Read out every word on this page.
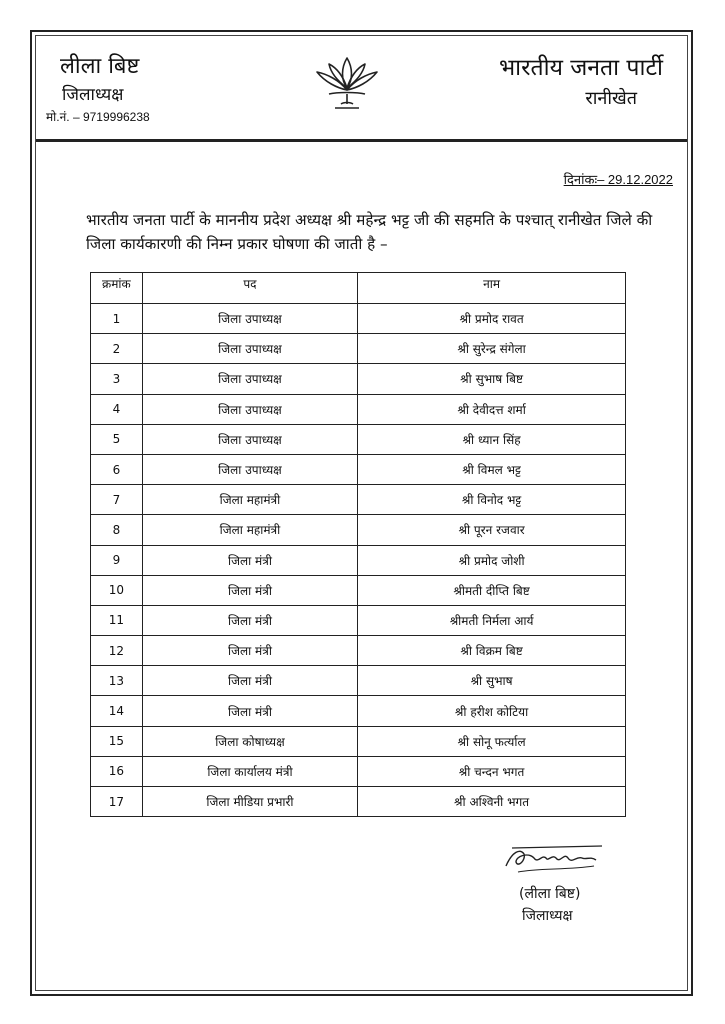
लीला बिष्ट
जिलाध्यक्ष
मो.नं. – 9719996238
भारतीय जनता पार्टी
रानीखेत
दिनांकः– 29.12.2022
भारतीय जनता पार्टी के माननीय प्रदेश अध्यक्ष श्री महेन्द्र भट्ट जी की सहमति के पश्चात् रानीखेत जिले की जिला कार्यकारणी की निम्न प्रकार घोषणा की जाती है –
क्रमांक	पद	नाम
1	जिला उपाध्यक्ष	श्री प्रमोद रावत
2	जिला उपाध्यक्ष	श्री सुरेन्द्र संगेला
3	जिला उपाध्यक्ष	श्री सुभाष बिष्ट
4	जिला उपाध्यक्ष	श्री देवीदत्त शर्मा
5	जिला उपाध्यक्ष	श्री ध्यान सिंह
6	जिला उपाध्यक्ष	श्री विमल भट्ट
7	जिला महामंत्री	श्री विनोद भट्ट
8	जिला महामंत्री	श्री पूरन रजवार
9	जिला मंत्री	श्री प्रमोद जोशी
10	जिला मंत्री	श्रीमती दीप्ति बिष्ट
11	जिला मंत्री	श्रीमती निर्मला आर्य
12	जिला मंत्री	श्री विक्रम बिष्ट
13	जिला मंत्री	श्री सुभाष
14	जिला मंत्री	श्री हरीश कोटिया
15	जिला कोषाध्यक्ष	श्री सोनू फर्त्याल
16	जिला कार्यालय मंत्री	श्री चन्दन भगत
17	जिला मीडिया प्रभारी	श्री अश्विनी भगत
(लीला बिष्ट)
जिलाध्यक्ष
